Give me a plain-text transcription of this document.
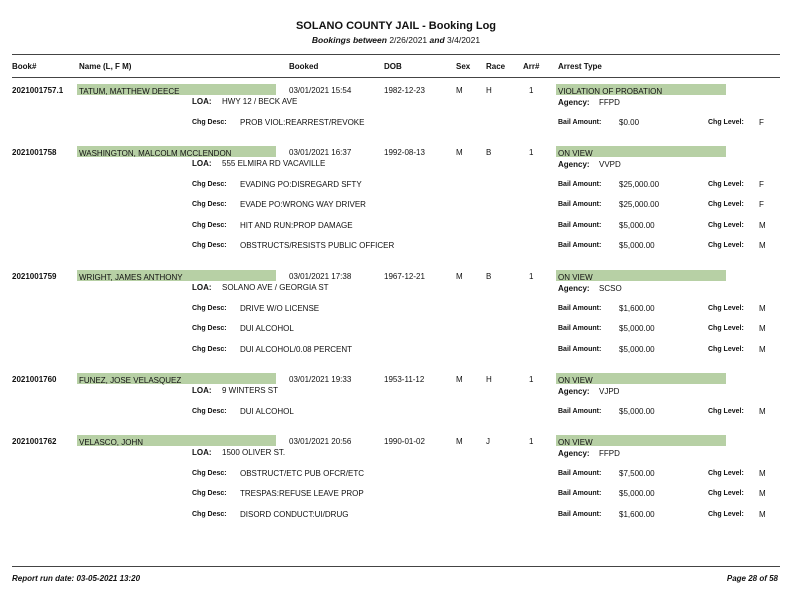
SOLANO COUNTY JAIL - Booking Log
Bookings between 2/26/2021 and 3/4/2021
Book#	Name (L, F M)	Booked	DOB	Sex Race Arr# Arrest Type
2021001757.1 TATUM, MATTHEW DEECE	03/01/2021 15:54	1982-12-23	M	H	1	VIOLATION OF PROBATION
LOA: HWY 12 / BECK AVE	Agency: FFPD
Chg Desc: PROB VIOL:REARREST/REVOKE	Bail Amount: $0.00	Chg Level: F
2021001758	WASHINGTON, MALCOLM MCCLENDON	03/01/2021 16:37	1992-08-13	M	B	1	ON VIEW
LOA: 555 ELMIRA RD VACAVILLE	Agency: VVPD
Chg Desc: EVADING PO:DISREGARD SFTY	Bail Amount: $25,000.00	Chg Level: F
Chg Desc: EVADE PO:WRONG WAY DRIVER	Bail Amount: $25,000.00	Chg Level: F
Chg Desc: HIT AND RUN:PROP DAMAGE	Bail Amount: $5,000.00	Chg Level: M
Chg Desc: OBSTRUCTS/RESISTS PUBLIC OFFICER	Bail Amount: $5,000.00	Chg Level: M
2021001759	WRIGHT, JAMES ANTHONY	03/01/2021 17:38	1967-12-21	M	B	1	ON VIEW
LOA: SOLANO AVE / GEORGIA ST	Agency: SCSO
Chg Desc: DRIVE W/O LICENSE	Bail Amount: $1,600.00	Chg Level: M
Chg Desc: DUI ALCOHOL	Bail Amount: $5,000.00	Chg Level: M
Chg Desc: DUI ALCOHOL/0.08 PERCENT	Bail Amount: $5,000.00	Chg Level: M
2021001760	FUNEZ, JOSE VELASQUEZ	03/01/2021 19:33	1953-11-12	M	H	1	ON VIEW
LOA: 9 WINTERS ST	Agency: VJPD
Chg Desc: DUI ALCOHOL	Bail Amount: $5,000.00	Chg Level: M
2021001762	VELASCO, JOHN	03/01/2021 20:56	1990-01-02	M	J	1	ON VIEW
LOA: 1500 OLIVER ST.	Agency: FFPD
Chg Desc: OBSTRUCT/ETC PUB OFCR/ETC	Bail Amount: $7,500.00	Chg Level: M
Chg Desc: TRESPAS:REFUSE LEAVE PROP	Bail Amount: $5,000.00	Chg Level: M
Chg Desc: DISORD CONDUCT:UI/DRUG	Bail Amount: $1,600.00	Chg Level: M
Report run date: 03-05-2021 13:20	Page 28 of 58
